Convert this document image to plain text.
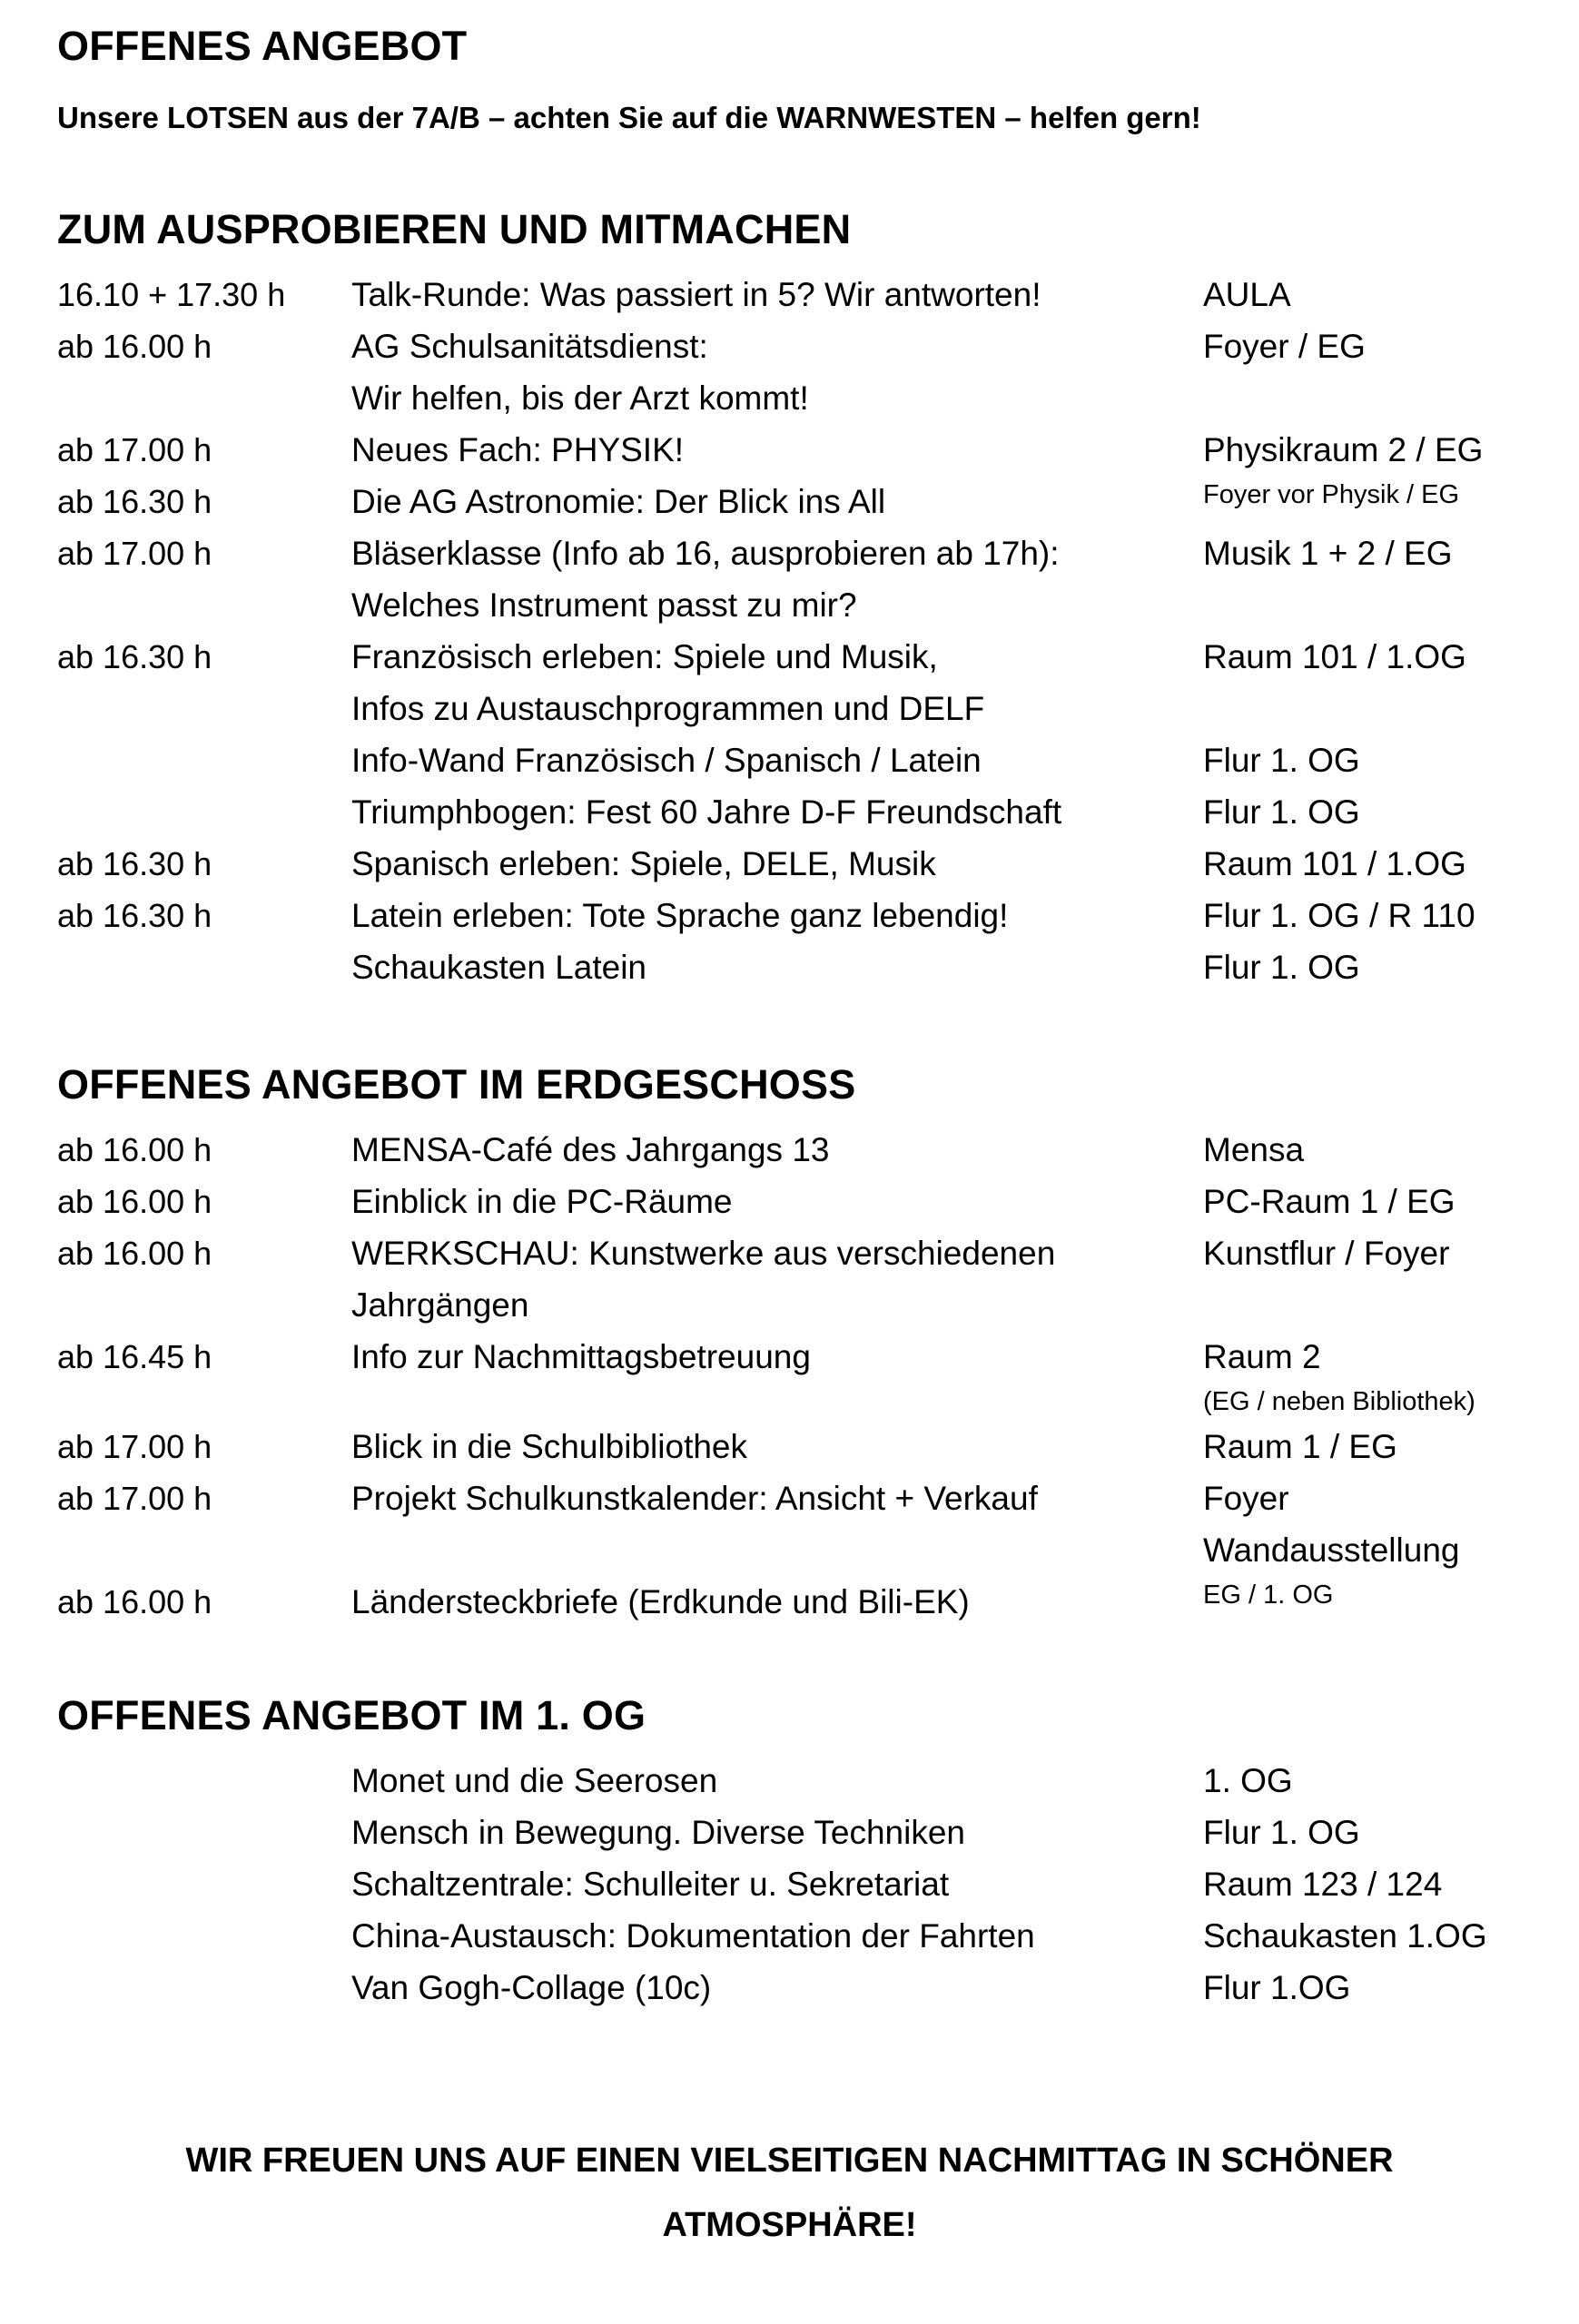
OFFENES ANGEBOT
Unsere LOTSEN aus der 7A/B – achten Sie auf die WARNWESTEN – helfen gern!
ZUM AUSPROBIEREN UND MITMACHEN
16.10 + 17.30 h	Talk-Runde: Was passiert in 5? Wir antworten!	AULA
ab 16.00 h	AG Schulsanitätsdienst:	Foyer / EG
Wir helfen, bis der Arzt kommt!
ab 17.00 h	Neues Fach: PHYSIK!	Physikraum 2 / EG
ab 16.30 h	Die AG Astronomie: Der Blick ins All	Foyer vor Physik / EG
ab 17.00 h	Bläserklasse (Info ab 16, ausprobieren ab 17h):	Musik 1 + 2 / EG
Welches Instrument passt zu mir?
ab 16.30 h	Französisch erleben: Spiele und Musik,	Raum 101 / 1.OG
Infos zu Austauschprogrammen und DELF
Info-Wand Französisch / Spanisch / Latein	Flur 1. OG
Triumphbogen: Fest 60 Jahre D-F Freundschaft	Flur 1. OG
ab 16.30 h	Spanisch erleben: Spiele, DELE, Musik	Raum 101 / 1.OG
ab 16.30 h	Latein erleben: Tote Sprache ganz lebendig!	Flur 1. OG / R 110
Schaukasten Latein	Flur 1. OG
OFFENES ANGEBOT IM ERDGESCHOSS
ab 16.00 h	MENSA-Café des Jahrgangs 13	Mensa
ab 16.00 h	Einblick in die PC-Räume	PC-Raum 1 / EG
ab 16.00 h	WERKSCHAU: Kunstwerke aus verschiedenen	Kunstflur / Foyer
Jahrgängen
ab 16.45 h	Info zur Nachmittagsbetreuung	Raum 2
(EG / neben Bibliothek)
ab 17.00 h	Blick in die Schulbibliothek	Raum 1 / EG
ab 17.00 h	Projekt Schulkunstkalender: Ansicht + Verkauf	Foyer
Wandausstellung
ab 16.00 h	Ländersteckbriefe (Erdkunde und Bili-EK)	EG / 1. OG
OFFENES ANGEBOT IM 1. OG
Monet und die Seerosen	1. OG
Mensch in Bewegung. Diverse Techniken	Flur 1. OG
Schaltzentrale: Schulleiter u. Sekretariat	Raum 123 / 124
China-Austausch: Dokumentation der Fahrten	Schaukasten 1.OG
Van Gogh-Collage (10c)	Flur 1.OG
WIR FREUEN UNS AUF EINEN VIELSEITIGEN NACHMITTAG IN SCHÖNER
ATMOSPHÄRE!
